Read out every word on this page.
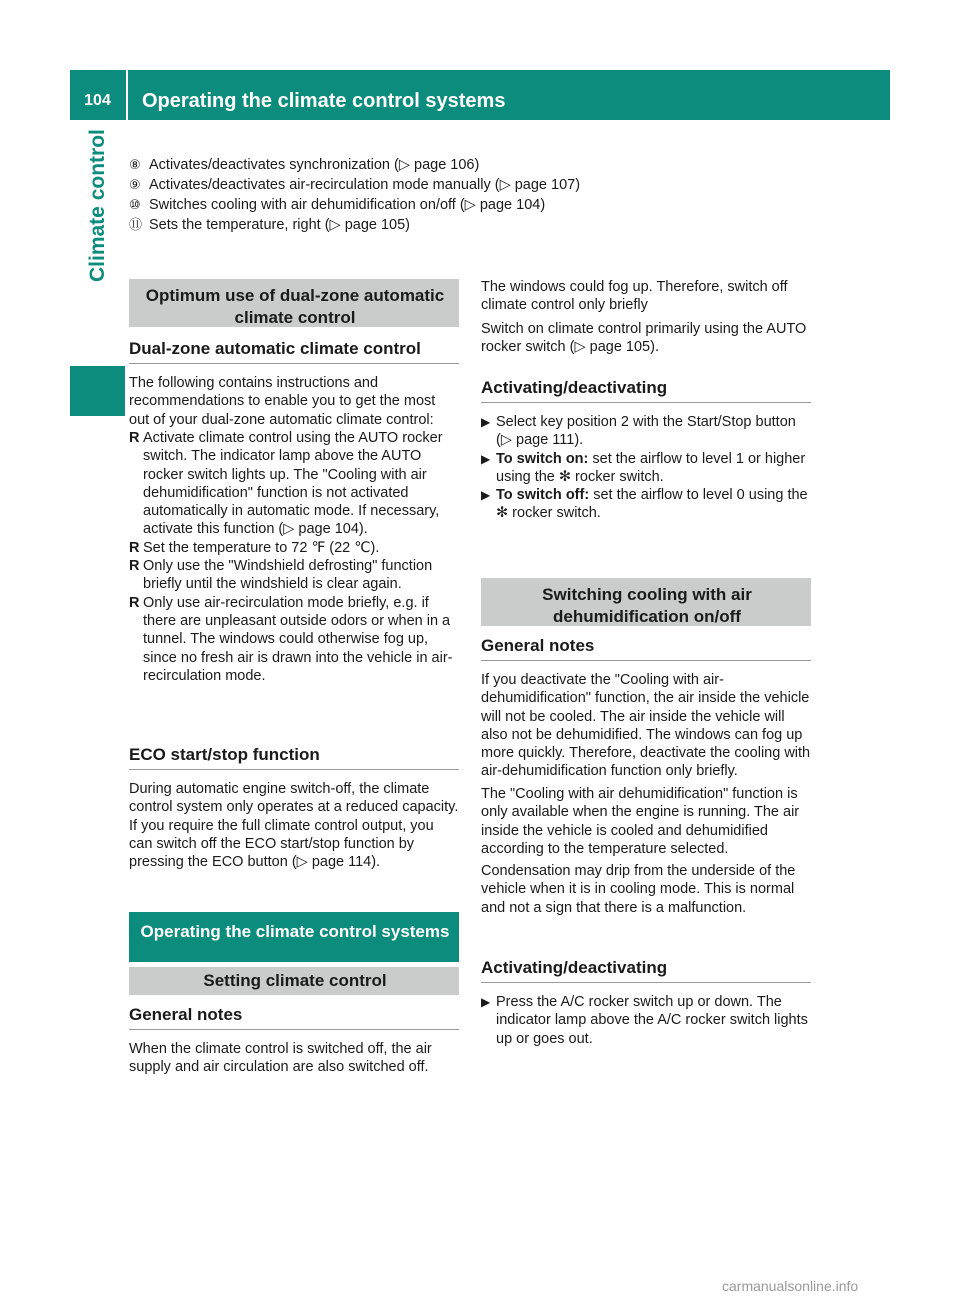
104	Operating the climate control systems
Climate control ⑧ Activates/deactivates synchronization (▷ page 106)
⑨ Activates/deactivates air-recirculation mode manually (▷ page 107)
⑩ Switches cooling with air dehumidification on/off (▷ page 104)
⑪ Sets the temperature, right (▷ page 105)
Optimum use of dual-zone automatic climate control
Dual-zone automatic climate control
The following contains instructions and recommendations to enable you to get the most out of your dual-zone automatic climate control:
R Activate climate control using the AUTO rocker switch. The indicator lamp above the AUTO rocker switch lights up. The "Cooling with air dehumidification" function is not activated automatically in automatic mode. If necessary, activate this function (▷ page 104).
R Set the temperature to 72 ℉ (22 ℃).
R Only use the "Windshield defrosting" function briefly until the windshield is clear again.
R Only use air-recirculation mode briefly, e.g. if there are unpleasant outside odors or when in a tunnel. The windows could otherwise fog up, since no fresh air is drawn into the vehicle in air-recirculation mode.
ECO start/stop function
During automatic engine switch-off, the climate control system only operates at a reduced capacity. If you require the full climate control output, you can switch off the ECO start/stop function by pressing the ECO button (▷ page 114).
Operating the climate control systems
Setting climate control
General notes
When the climate control is switched off, the air supply and air circulation are also switched off.
The windows could fog up. Therefore, switch off climate control only briefly
Switch on climate control primarily using the AUTO rocker switch (▷ page 105).
Activating/deactivating
▶ Select key position 2 with the Start/Stop button (▷ page 111).
▶ To switch on: set the airflow to level 1 or higher using the ✻ rocker switch.
▶ To switch off: set the airflow to level 0 using the ✻ rocker switch.
Switching cooling with air dehumidification on/off
General notes
If you deactivate the "Cooling with air-dehumidification" function, the air inside the vehicle will not be cooled. The air inside the vehicle will also not be dehumidified. The windows can fog up more quickly. Therefore, deactivate the cooling with air-dehumidification function only briefly.
The "Cooling with air dehumidification" function is only available when the engine is running. The air inside the vehicle is cooled and dehumidified according to the temperature selected.
Condensation may drip from the underside of the vehicle when it is in cooling mode. This is normal and not a sign that there is a malfunction.
Activating/deactivating
▶ Press the A/C rocker switch up or down. The indicator lamp above the A/C rocker switch lights up or goes out.
carmanualsonline.info
